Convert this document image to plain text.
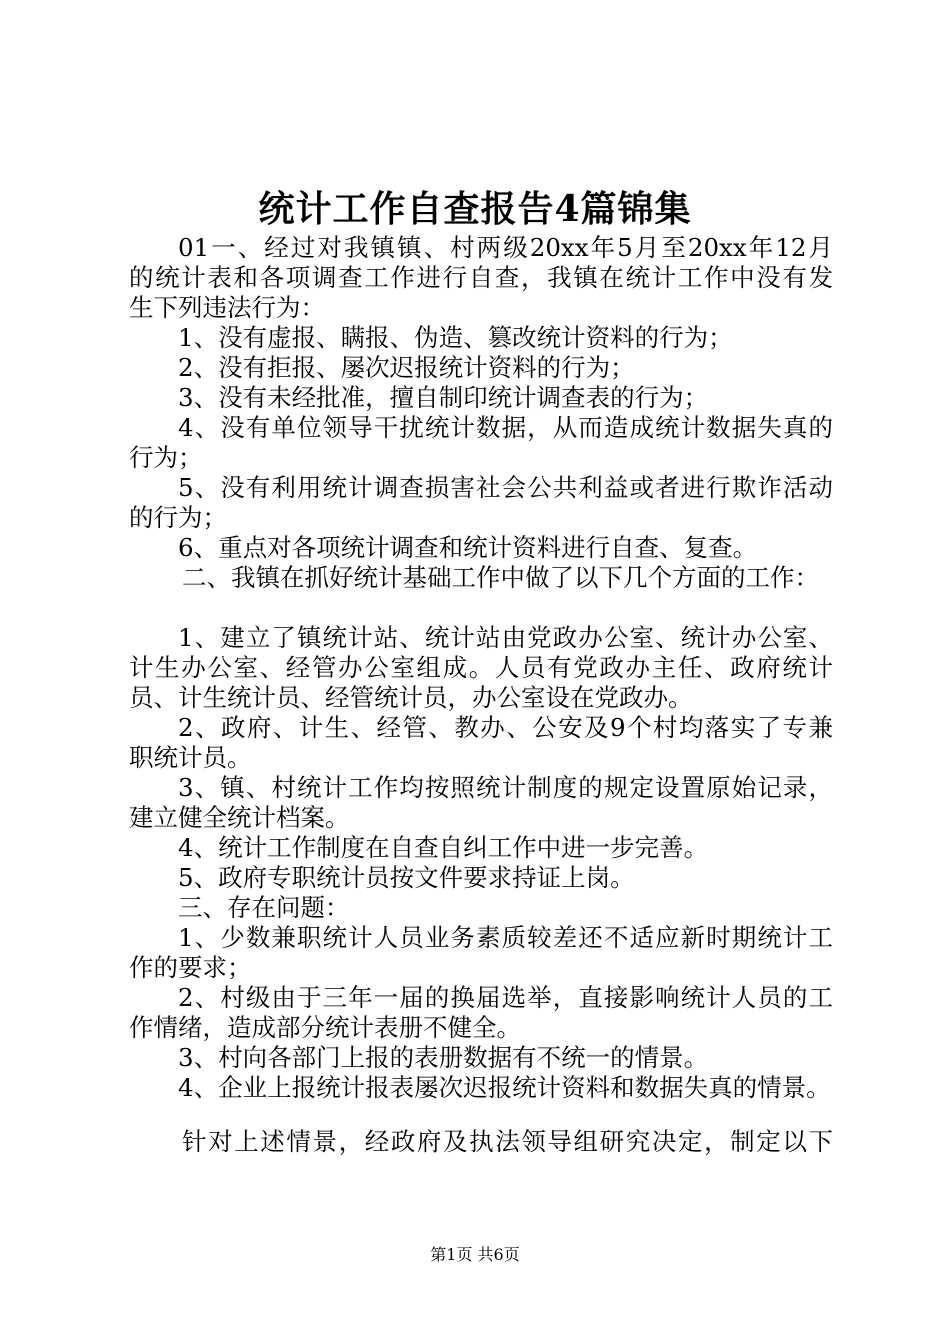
统计工作自查报告4篇锦集
01一、经过对我镇镇、村两级20xx年5月至20xx年12月
的统计表和各项调查工作进行自查，我镇在统计工作中没有发
生下列违法行为：
1、没有虚报、瞒报、伪造、篡改统计资料的行为；
2、没有拒报、屡次迟报统计资料的行为；
3、没有未经批准，擅自制印统计调查表的行为；
4、没有单位领导干扰统计数据，从而造成统计数据失真的
行为；
5、没有利用统计调查损害社会公共利益或者进行欺诈活动
的行为；
6、重点对各项统计调查和统计资料进行自查、复查。
二、我镇在抓好统计基础工作中做了以下几个方面的工作：
1、建立了镇统计站、统计站由党政办公室、统计办公室、
计生办公室、经管办公室组成。人员有党政办主任、政府统计
员、计生统计员、经管统计员，办公室设在党政办。
2、政府、计生、经管、教办、公安及9个村均落实了专兼
职统计员。
3、镇、村统计工作均按照统计制度的规定设置原始记录，
建立健全统计档案。
4、统计工作制度在自查自纠工作中进一步完善。
5、政府专职统计员按文件要求持证上岗。
三、存在问题：
1、少数兼职统计人员业务素质较差还不适应新时期统计工
作的要求；
2、村级由于三年一届的换届选举，直接影响统计人员的工
作情绪，造成部分统计表册不健全。
3、村向各部门上报的表册数据有不统一的情景。
4、企业上报统计报表屡次迟报统计资料和数据失真的情景。
针对上述情景，经政府及执法领导组研究决定，制定以下
第1页 共6页
